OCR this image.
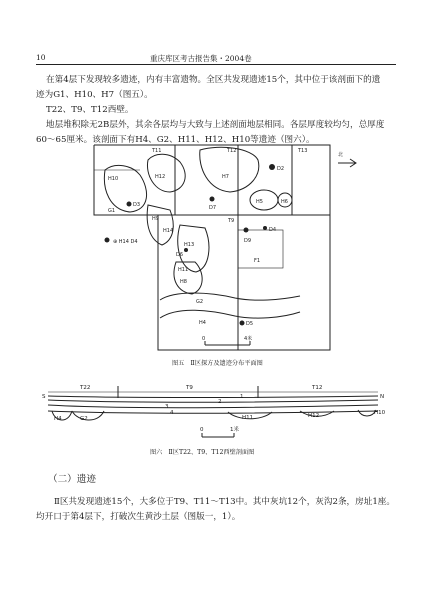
10	重庆库区考古报告集・2004卷
在第4层下发现较多遗迹，内有丰富遗物。全区共发现遗迹15个，其中位于该剖面下的遗
迹为G1、H10、H7（图五）。
T22、T9、T12西壁。
地层堆积除无2B层外，其余各层均与大致与上述剖面地层相同。各层厚度较均匀，总厚度
60～65厘米。该剖面下有H4、G2、H11、H12、H10等遗迹（图六）。
T11	T12	T13
T9
H10	H12	H7
D2
H5	H6
G1
H9
D3	D7
D4
H13
D6
D9
F1
H14
H8
H11
G2
H4	D5
⊕ H14 D4
北
0	4米
图五　Ⅱ区探方及遗迹分布平面图
T22	T9	T12
S	N
H4	G2	H11	H12	H10
1
2
3
4
0	1米
图六　Ⅱ区T22、T9、T12西壁剖面图
（二）遗迹
Ⅱ区共发现遗迹15个，大多位于T9、T11～T13中。其中灰坑12个，灰沟2条，房址1座。
均开口于第4层下，打破次生黄沙土层（图版一，1）。
